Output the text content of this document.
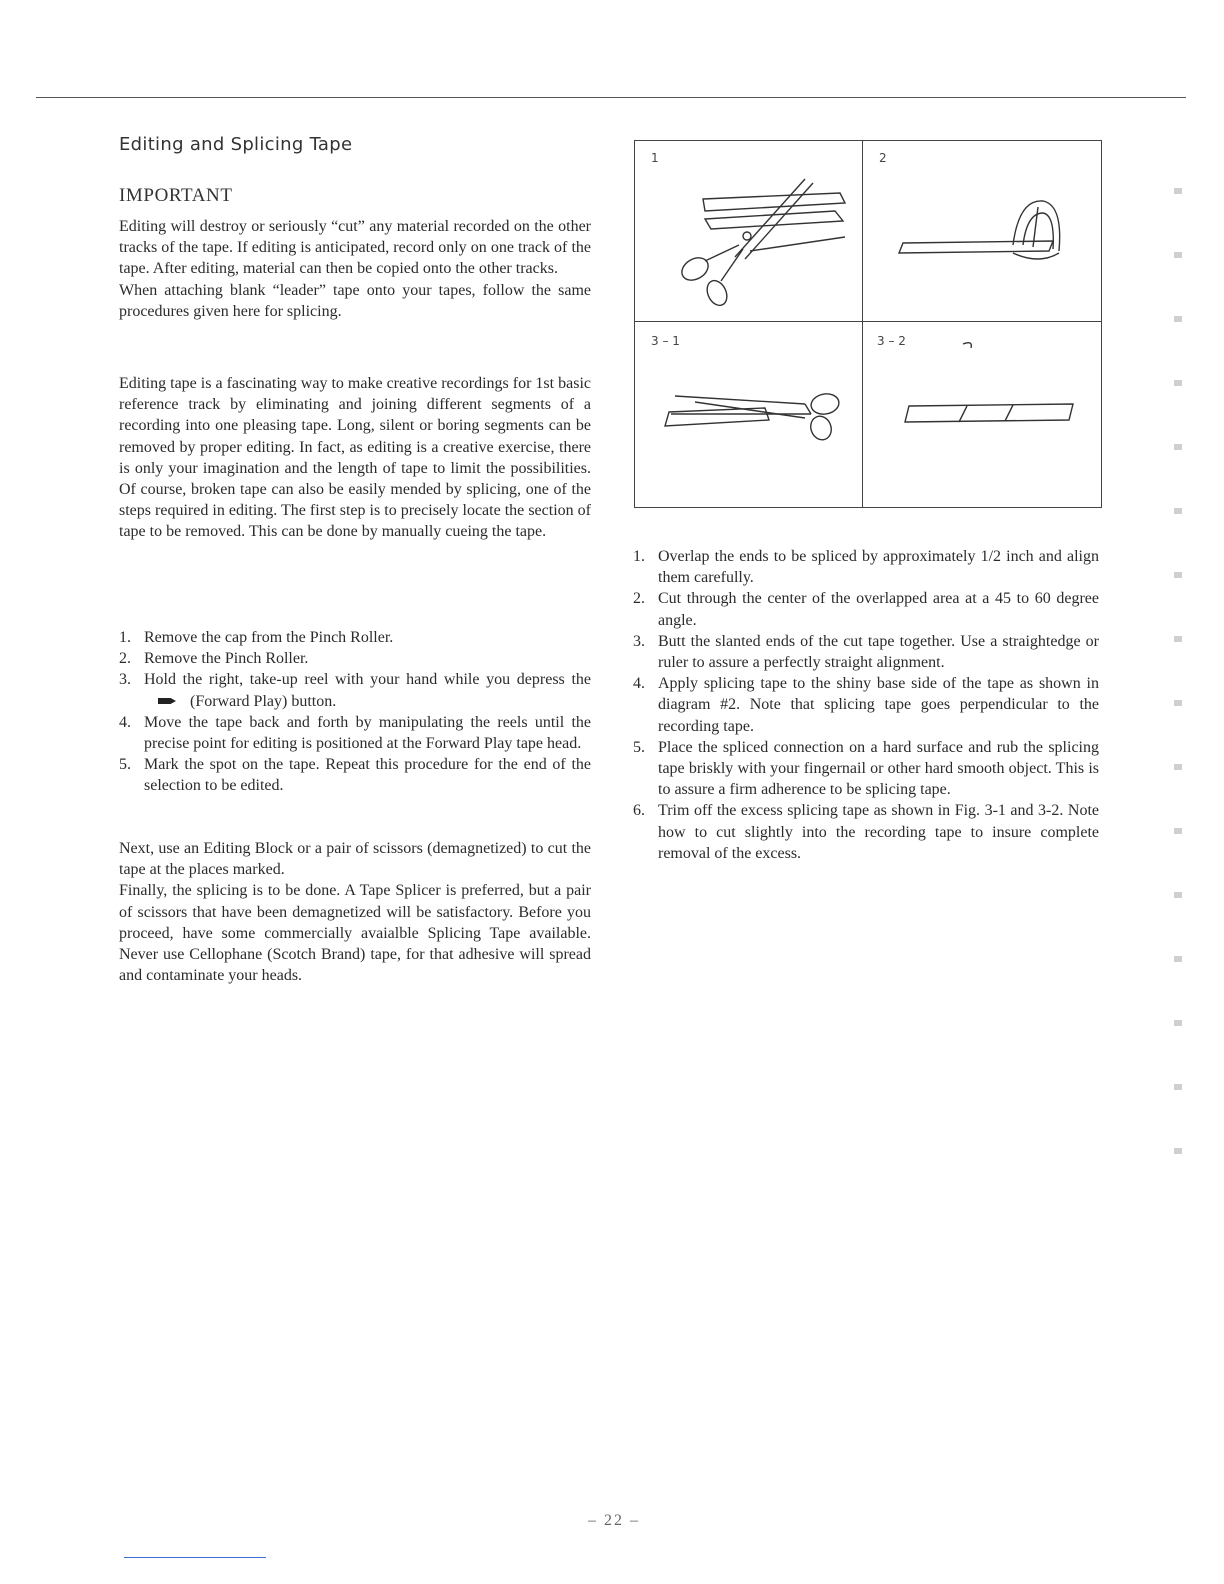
Editing and Splicing Tape
IMPORTANT

Editing will destroy or seriously “cut” any material recorded on the other tracks of the tape. If editing is anticipated, record only on one track of the tape. After editing, material can then be copied onto the other tracks.

When attaching blank “leader” tape onto your tapes, follow the same procedures given here for splicing.

Editing tape is a fascinating way to make creative recordings for 1st basic reference track by eliminating and joining different segments of a recording into one pleasing tape. Long, silent or boring segments can be removed by proper editing. In fact, as editing is a creative exercise, there is only your imagination and the length of tape to limit the possibilities. Of course, broken tape can also be easily mended by splicing, one of the steps required in editing. The first step is to precisely locate the section of tape to be removed. This can be done by manually cueing the tape.

1. Remove the cap from the Pinch Roller.
2. Remove the Pinch Roller.
3. Hold the right, take-up reel with your hand while you depress the(Forward Play) button.
4. Move the tape back and forth by manipulating the reels until the precise point for editing is positioned at the Forward Play tape head.
5. Mark the spot on the tape. Repeat this procedure for the end of the selection to be edited.

Next, use an Editing Block or a pair of scissors (demagnetized) to cut the tape at the places marked.

Finally, the splicing is to be done. A Tape Splicer is preferred, but a pair of scissors that have been demagnetized will be satisfactory. Before you proceed, have some commercially avaialble Splicing Tape available. Never use Cellophane (Scotch Brand) tape, for that adhesive will spread and contaminate your heads.

1	2
3 – 1	3 – 2
1. Overlap the ends to be spliced by approximately 1/2 inch and align them carefully.
2. Cut through the center of the overlapped area at a 45 to 60 degree angle.
3. Butt the slanted ends of the cut tape together. Use a straightedge or ruler to assure a perfectly straight alignment.
4. Apply splicing tape to the shiny base side of the tape as shown in diagram #2. Note that splicing tape goes perpendicular to the recording tape.
5. Place the spliced connection on a hard surface and rub the splicing tape briskly with your fingernail or other hard smooth object. This is to assure a firm adherence to be splicing tape.
6. Trim off the excess splicing tape as shown in Fig. 3-1 and 3-2. Note how to cut slightly into the recording tape to insure complete removal of the excess.
– 22 –
